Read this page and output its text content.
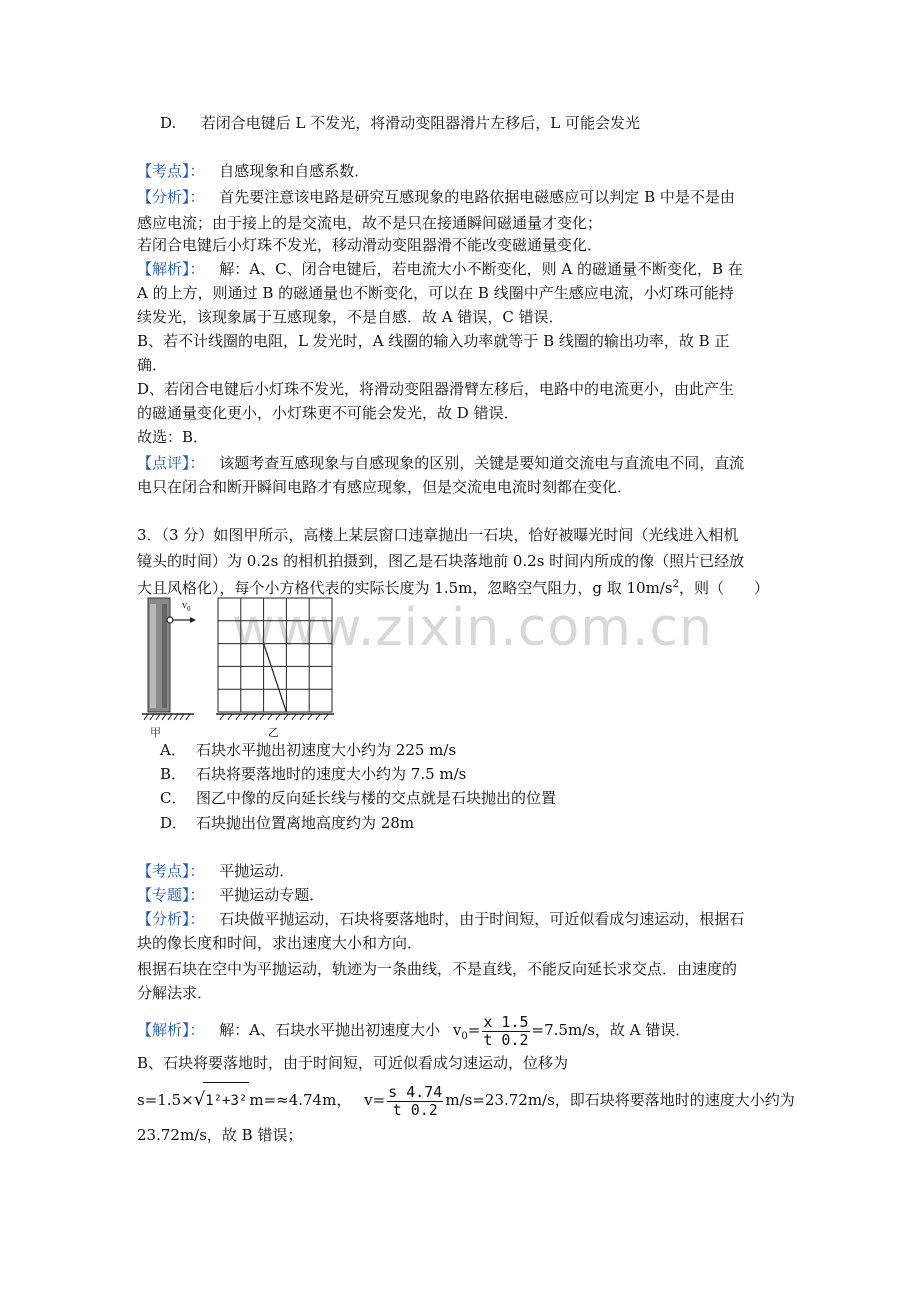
www.zixin.com.cn
D. 若闭合电键后 L 不发光，将滑动变阻器滑片左移后，L 可能会发光
【考点】： 自感现象和自感系数．
【分析】： 首先要注意该电路是研究互感现象的电路依据电磁感应可以判定 B 中是不是由
感应电流；由于接上的是交流电，故不是只在接通瞬间磁通量才变化；
若闭合电键后小灯珠不发光，移动滑动变阻器滑不能改变磁通量变化．
【解析】： 解：A、C、闭合电键后，若电流大小不断变化，则 A 的磁通量不断变化，B 在
A 的上方，则通过 B 的磁通量也不断变化，可以在 B 线圈中产生感应电流，小灯珠可能持
续发光，该现象属于互感现象，不是自感．故 A 错误，C 错误．
B、若不计线圈的电阻，L 发光时，A 线圈的输入功率就等于 B 线圈的输出功率，故 B 正
确．
D、若闭合电键后小灯珠不发光，将滑动变阻器滑臂左移后，电路中的电流更小，由此产生
的磁通量变化更小，小灯珠更不可能会发光，故 D 错误．
故选：B．
【点评】： 该题考查互感现象与自感现象的区别，关键是要知道交流电与直流电不同，直流
电只在闭合和断开瞬间电路才有感应现象，但是交流电电流时刻都在变化．
3．（3 分）如图甲所示，高楼上某层窗口违章抛出一石块，恰好被曝光时间（光线进入相机
镜头的时间）为 0.2s 的相机拍摄到，图乙是石块落地前 0.2s 时间内所成的像（照片已经放
大且风格化），每个小方格代表的实际长度为 1.5m，忽略空气阻力，g 取 $10m/s^2$，则（　　）
$v_0$
甲	乙
A． 石块水平抛出初速度大小约为 225 m/s
B． 石块将要落地时的速度大小约为 7.5 m/s
C． 图乙中像的反向延长线与楼的交点就是石块抛出的位置
D． 石块抛出位置离地高度约为 28m
【考点】： 平抛运动．
【专题】： 平抛运动专题．
【分析】： 石块做平抛运动，石块将要落地时，由于时间短，可近似看成匀速运动，根据石
块的像长度和时间，求出速度大小和方向．
根据石块在空中为平抛运动，轨迹为一条曲线，不是直线，不能反向延长求交点．由速度的
分解法求．
【解析】： 解：A、石块水平抛出初速度大小 $v_0= \frac{x 1.5}{t 0.2} =7.5m/s$，故 A 错误．
B、石块将要落地时，由于时间短，可近似看成匀速运动，位移为
s=1.5×√1²+3² m=≈4.74m， $v= \frac{s 4.74}{t 0.2} m/s=23.72m/s$，即石块将要落地时的速度大小约为
23.72m/s，故 B 错误；
